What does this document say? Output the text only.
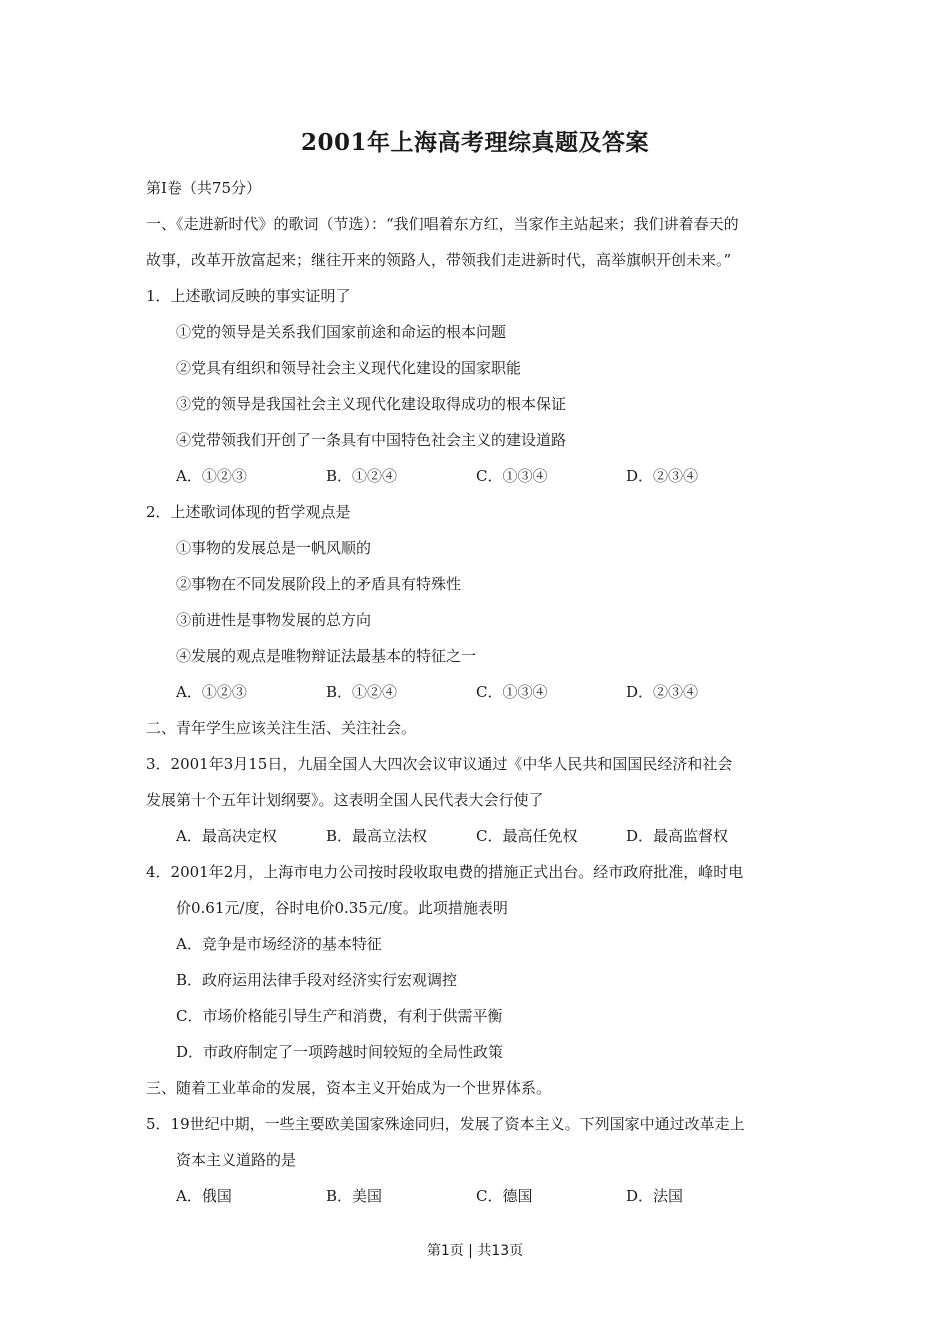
2001年上海高考理综真题及答案
第Ⅰ卷（共75分）
一、《走进新时代》的歌词（节选）：“我们唱着东方红，当家作主站起来；我们讲着春天的
故事，改革开放富起来；继往开来的领路人，带领我们走进新时代，高举旗帜开创未来。”
1．上述歌词反映的事实证明了
①党的领导是关系我们国家前途和命运的根本问题
②党具有组织和领导社会主义现代化建设的国家职能
③党的领导是我国社会主义现代化建设取得成功的根本保证
④党带领我们开创了一条具有中国特色社会主义的建设道路
A．①②③	B．①②④	C．①③④	D．②③④
2．上述歌词体现的哲学观点是
①事物的发展总是一帆风顺的
②事物在不同发展阶段上的矛盾具有特殊性
③前进性是事物发展的总方向
④发展的观点是唯物辩证法最基本的特征之一
A．①②③	B．①②④	C．①③④	D．②③④
二、青年学生应该关注生活、关注社会。
3．2001年3月15日，九届全国人大四次会议审议通过《中华人民共和国国民经济和社会
发展第十个五年计划纲要》。这表明全国人民代表大会行使了
A．最高决定权	B．最高立法权	C．最高任免权	D．最高监督权
4．2001年2月，上海市电力公司按时段收取电费的措施正式出台。经市政府批准，峰时电
价0.61元/度，谷时电价0.35元/度。此项措施表明
A．竞争是市场经济的基本特征
B．政府运用法律手段对经济实行宏观调控
C．市场价格能引导生产和消费，有利于供需平衡
D．市政府制定了一项跨越时间较短的全局性政策
三、随着工业革命的发展，资本主义开始成为一个世界体系。
5．19世纪中期，一些主要欧美国家殊途同归，发展了资本主义。下列国家中通过改革走上
资本主义道路的是
A．俄国	B．美国	C．德国	D．法国
第1页 | 共13页
